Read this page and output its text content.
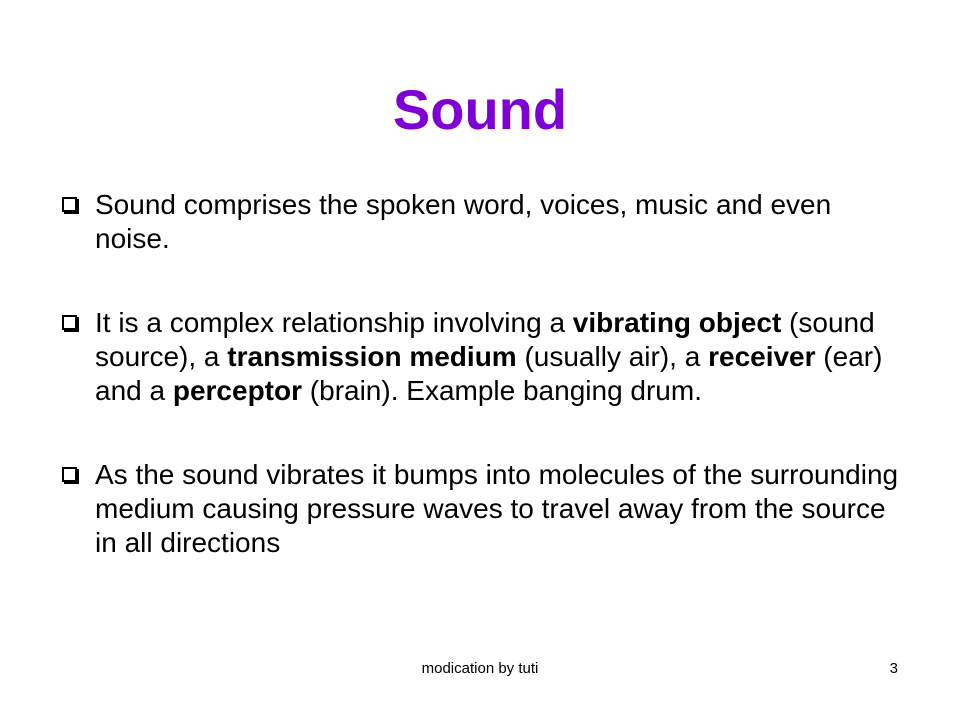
Sound

Sound comprises the spoken word, voices, music and even noise.

It is a complex relationship involving a vibrating object (sound source), a transmission medium (usually air), a receiver (ear) and a perceptor (brain). Example banging drum.

As the sound vibrates it bumps into molecules of the surrounding medium causing pressure waves to travel away from the source in all directions

modication by tuti	3
